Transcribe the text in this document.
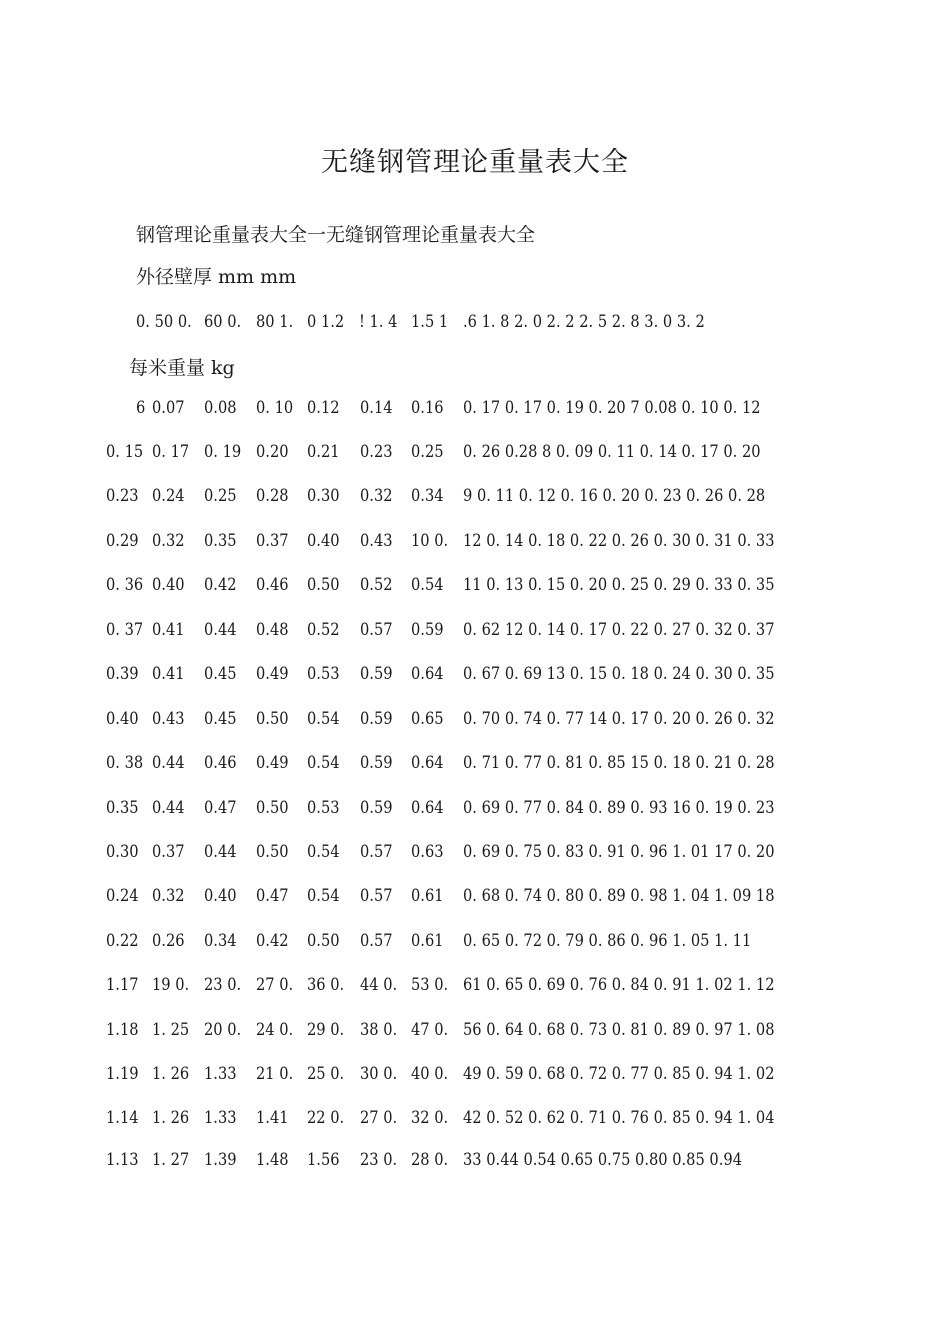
无缝钢管理论重量表大全
钢管理论重量表大全一无缝钢管理论重量表大全
外径壁厚 mm mm
0. 50 0. 60 0. 80 1. 0 1.2 ! 1. 4 1.5 1 .6 1. 8 2. 0 2. 2 2. 5 2. 8 3. 0 3. 2
每米重量 kg
6 0.07 0.08 0. 10 0.12 0.14 0.16 0. 17 0. 17 0. 19 0. 20 7 0.08 0. 10 0. 12
0. 15 0. 17 0. 19 0.20 0.21 0.23 0.25 0. 26 0.28 8 0. 09 0. 11 0. 14 0. 17 0. 20
0.23 0.24 0.25 0.28 0.30 0.32 0.34 9 0. 11 0. 12 0. 16 0. 20 0. 23 0. 26 0. 28
0.29 0.32 0.35 0.37 0.40 0.43 10 0. 12 0. 14 0. 18 0. 22 0. 26 0. 30 0. 31 0. 33
0. 36 0.40 0.42 0.46 0.50 0.52 0.54 11 0. 13 0. 15 0. 20 0. 25 0. 29 0. 33 0. 35
0. 37 0.41 0.44 0.48 0.52 0.57 0.59 0. 62 12 0. 14 0. 17 0. 22 0. 27 0. 32 0. 37
0.39 0.41 0.45 0.49 0.53 0.59 0.64 0. 67 0. 69 13 0. 15 0. 18 0. 24 0. 30 0. 35
0.40 0.43 0.45 0.50 0.54 0.59 0.65 0. 70 0. 74 0. 77 14 0. 17 0. 20 0. 26 0. 32
0. 38 0.44 0.46 0.49 0.54 0.59 0.64 0. 71 0. 77 0. 81 0. 85 15 0. 18 0. 21 0. 28
0.35 0.44 0.47 0.50 0.53 0.59 0.64 0. 69 0. 77 0. 84 0. 89 0. 93 16 0. 19 0. 23
0.30 0.37 0.44 0.50 0.54 0.57 0.63 0. 69 0. 75 0. 83 0. 91 0. 96 1. 01 17 0. 20
0.24 0.32 0.40 0.47 0.54 0.57 0.61 0. 68 0. 74 0. 80 0. 89 0. 98 1. 04 1. 09 18
0.22 0.26 0.34 0.42 0.50 0.57 0.61 0. 65 0. 72 0. 79 0. 86 0. 96 1. 05 1. 11
1.17 19 0. 23 0. 27 0. 36 0. 44 0. 53 0. 61 0. 65 0. 69 0. 76 0. 84 0. 91 1. 02 1. 12
1.18 1. 25 20 0. 24 0. 29 0. 38 0. 47 0. 56 0. 64 0. 68 0. 73 0. 81 0. 89 0. 97 1. 08
1.19 1. 26 1.33 21 0. 25 0. 30 0. 40 0. 49 0. 59 0. 68 0. 72 0. 77 0. 85 0. 94 1. 02
1.14 1. 26 1.33 1.41 22 0. 27 0. 32 0. 42 0. 52 0. 62 0. 71 0. 76 0. 85 0. 94 1. 04
1.13 1. 27 1.39 1.48 1.56 23 0. 28 0. 33 0.44 0.54 0.65 0.75 0.80 0.85 0.94
